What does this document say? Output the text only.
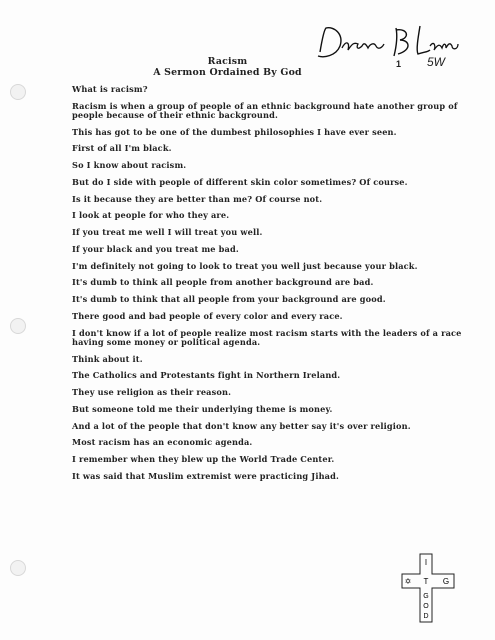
1 5W
Racism
A Sermon Ordained By God

What is racism?

Racism is when a group of people of an ethnic background hate another group of people because of their ethnic background.

This has got to be one of the dumbest philosophies I have ever seen.

First of all I'm black.

So I know about racism.

But do I side with people of different skin color sometimes? Of course.

Is it because they are better than me? Of course not.

I look at people for who they are.

If you treat me well I will treat you well.

If your black and you treat me bad.

I'm definitely not going to look to treat you well just because your black.

It's dumb to think all people from another background are bad.

It's dumb to think that all people from your background are good.

There good and bad people of every color and every race.

I don't know if a lot of people realize most racism starts with the leaders of a race having some money or political agenda.

Think about it.

The Catholics and Protestants fight in Northern Ireland.

They use religion as their reason.

But someone told me their underlying theme is money.

And a lot of the people that don't know any better say it's over religion.

Most racism has an economic agenda.

I remember when they blew up the World Trade Center.

It was said that Muslim extremist were practicing Jihad.

I
✡ T G
G
O
D
